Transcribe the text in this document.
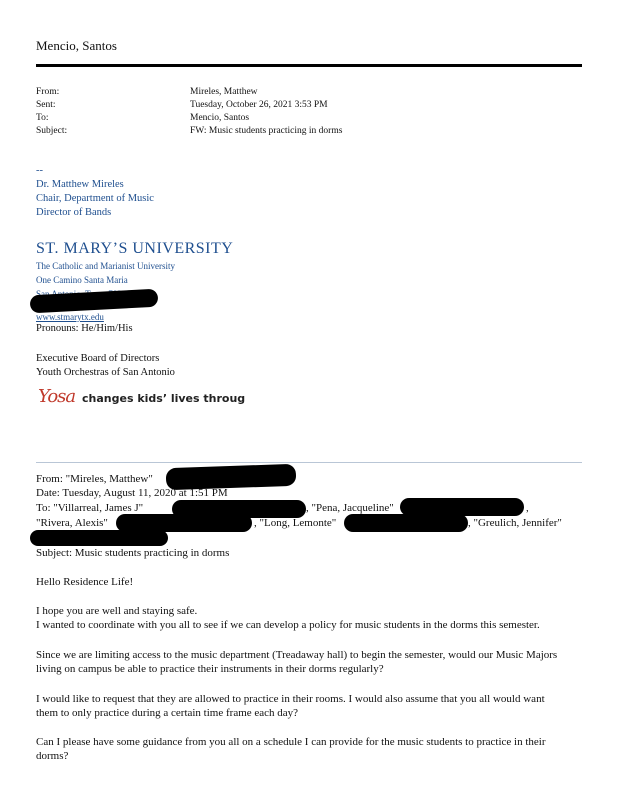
Mencio, Santos
From:	Mireles, Matthew
Sent:	Tuesday, October 26, 2021 3:53 PM
To:	Mencio, Santos
Subject:	FW: Music students practicing in dorms
--
Dr. Matthew Mireles
Chair, Department of Music
Director of Bands
ST. MARY’S UNIVERSITY
The Catholic and Marianist University
One Camino Santa Maria
www.stmarytx.edu
Pronouns: He/Him/His
Executive Board of Directors
Youth Orchestras of San Antonio
Yosa changes kids’ lives throug
From: "Mireles, Matthew"
Date: Tuesday, August 11, 2020 at 1:51 PM
To: "Villarreal, James J"	, "Pena, Jacqueline"	,
"Rivera, Alexis"	, "Long, Lemonte"	, "Greulich, Jennifer"
Subject: Music students practicing in dorms
Hello Residence Life!
I hope you are well and staying safe.
I wanted to coordinate with you all to see if we can develop a policy for music students in the dorms this semester.
Since we are limiting access to the music department (Treadaway hall) to begin the semester, would our Music Majors
living on campus be able to practice their instruments in their dorms regularly?
I would like to request that they are allowed to practice in their rooms. I would also assume that you all would want
them to only practice during a certain time frame each day?
Can I please have some guidance from you all on a schedule I can provide for the music students to practice in their
dorms?
